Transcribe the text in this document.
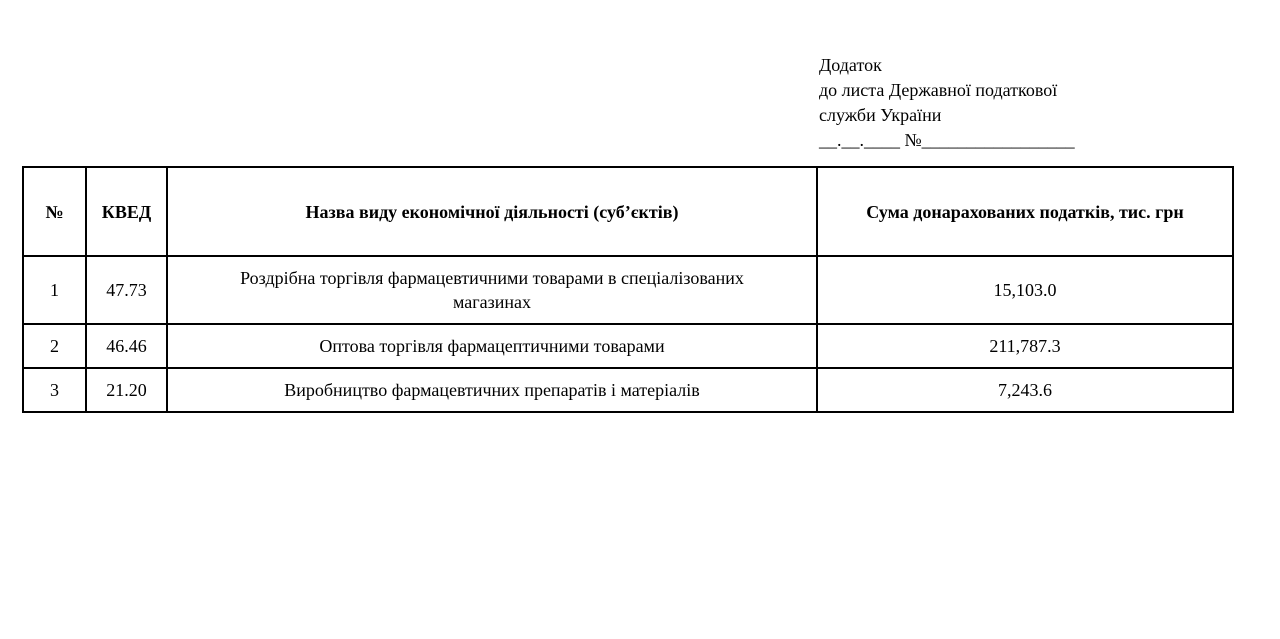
Додаток
до листа Державної податкової
служби України
__.__.____ №_________________
№	КВЕД	Назва виду економічної діяльності (суб’єктів)	Сума донарахованих податків, тис. грн
1	47.73	Роздрібна торгівля фармацевтичними товарами в спеціалізованих магазинах	15,103.0
2	46.46	Оптова торгівля фармацептичними товарами	211,787.3
3	21.20	Виробництво фармацевтичних препаратів і матеріалів	7,243.6
